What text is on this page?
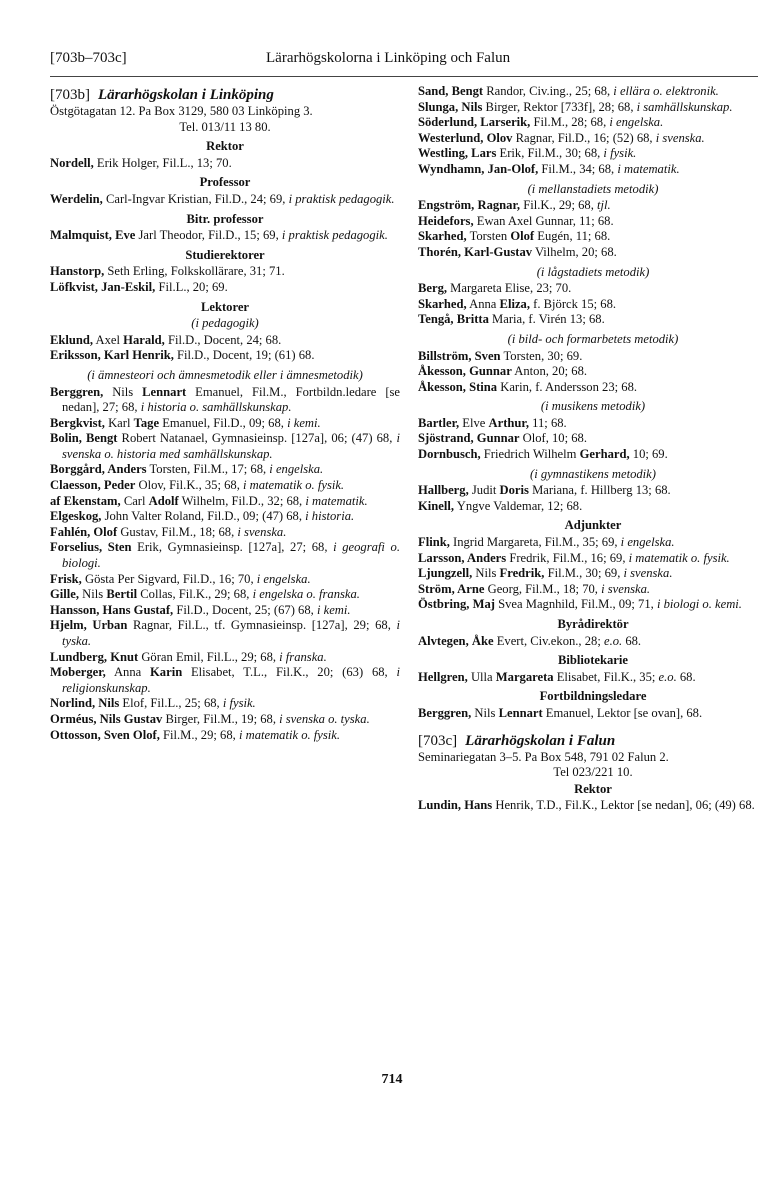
[703b–703c]	Lärarhögskolorna i Linköping och Falun
[703b] Lärarhögskolan i Linköping

Östgötagatan 12. Pa Box 3129, 580 03 Linköping 3.

Tel. 013/11 13 80.

Rektor

Nordell, Erik Holger, Fil.L., 13; 70.

Professor

Werdelin, Carl-Ingvar Kristian, Fil.D., 24; 69, i praktisk pedagogik.

Bitr. professor

Malmquist, Eve Jarl Theodor, Fil.D., 15; 69, i praktisk pedagogik.

Studierektorer

Hanstorp, Seth Erling, Folkskollärare, 31; 71.

Löfkvist, Jan-Eskil, Fil.L., 20; 69.

Lektorer

(i pedagogik)

Eklund, Axel Harald, Fil.D., Docent, 24; 68.

Eriksson, Karl Henrik, Fil.D., Docent, 19; (61) 68.

(i ämnesteori och ämnesmetodik eller i ämnesmetodik)

Berggren, Nils Lennart Emanuel, Fil.M., Fortbildn.ledare [se nedan], 27; 68, i historia o. samhällskunskap.

Bergkvist, Karl Tage Emanuel, Fil.D., 09; 68, i kemi.

Bolin, Bengt Robert Natanael, Gymnasieinsp. [127a], 06; (47) 68, i svenska o. historia med samhällskunskap.

Borggård, Anders Torsten, Fil.M., 17; 68, i engelska.

Claesson, Peder Olov, Fil.K., 35; 68, i matematik o. fysik.

af Ekenstam, Carl Adolf Wilhelm, Fil.D., 32; 68, i matematik.

Elgeskog, John Valter Roland, Fil.D., 09; (47) 68, i historia.

Fahlén, Olof Gustav, Fil.M., 18; 68, i svenska.

Forselius, Sten Erik, Gymnasieinsp. [127a], 27; 68, i geografi o. biologi.

Frisk, Gösta Per Sigvard, Fil.D., 16; 70, i engelska.

Gille, Nils Bertil Collas, Fil.K., 29; 68, i engelska o. franska.

Hansson, Hans Gustaf, Fil.D., Docent, 25; (67) 68, i kemi.

Hjelm, Urban Ragnar, Fil.L., tf. Gymnasieinsp. [127a], 29; 68, i tyska.

Lundberg, Knut Göran Emil, Fil.L., 29; 68, i franska.

Moberger, Anna Karin Elisabet, T.L., Fil.K., 20; (63) 68, i religionskunskap.

Norlind, Nils Elof, Fil.L., 25; 68, i fysik.

Orméus, Nils Gustav Birger, Fil.M., 19; 68, i svenska o. tyska.

Ottosson, Sven Olof, Fil.M., 29; 68, i matematik o. fysik.

Sand, Bengt Randor, Civ.ing., 25; 68, i ellära o. elektronik.

Slunga, Nils Birger, Rektor [733f], 28; 68, i samhällskunskap.

Söderlund, Larserik, Fil.M., 28; 68, i engelska.

Westerlund, Olov Ragnar, Fil.D., 16; (52) 68, i svenska.

Westling, Lars Erik, Fil.M., 30; 68, i fysik.

Wyndhamn, Jan-Olof, Fil.M., 34; 68, i matematik.

(i mellanstadiets metodik)

Engström, Ragnar, Fil.K., 29; 68, tjl.

Heidefors, Ewan Axel Gunnar, 11; 68.

Skarhed, Torsten Olof Eugén, 11; 68.

Thorén, Karl-Gustav Vilhelm, 20; 68.

(i lågstadiets metodik)

Berg, Margareta Elise, 23; 70.

Skarhed, Anna Eliza, f. Björck 15; 68.

Tengå, Britta Maria, f. Virén 13; 68.

(i bild- och formarbetets metodik)

Billström, Sven Torsten, 30; 69.

Åkesson, Gunnar Anton, 20; 68.

Åkesson, Stina Karin, f. Andersson 23; 68.

(i musikens metodik)

Bartler, Elve Arthur, 11; 68.

Sjöstrand, Gunnar Olof, 10; 68.

Dornbusch, Friedrich Wilhelm Gerhard, 10; 69.

(i gymnastikens metodik)

Hallberg, Judit Doris Mariana, f. Hillberg 13; 68.

Kinell, Yngve Valdemar, 12; 68.

Adjunkter

Flink, Ingrid Margareta, Fil.M., 35; 69, i engelska.

Larsson, Anders Fredrik, Fil.M., 16; 69, i matematik o. fysik.

Ljungzell, Nils Fredrik, Fil.M., 30; 69, i svenska.

Ström, Arne Georg, Fil.M., 18; 70, i svenska.

Östbring, Maj Svea Magnhild, Fil.M., 09; 71, i biologi o. kemi.

Byrådirektör

Alvtegen, Åke Evert, Civ.ekon., 28; e.o. 68.

Bibliotekarie

Hellgren, Ulla Margareta Elisabet, Fil.K., 35; e.o. 68.

Fortbildningsledare

Berggren, Nils Lennart Emanuel, Lektor [se ovan], 68.

[703c] Lärarhögskolan i Falun

Seminariegatan 3–5. Pa Box 548, 791 02 Falun 2.

Tel 023/221 10.

Rektor

Lundin, Hans Henrik, T.D., Fil.K., Lektor [se nedan], 06; (49) 68.

714
